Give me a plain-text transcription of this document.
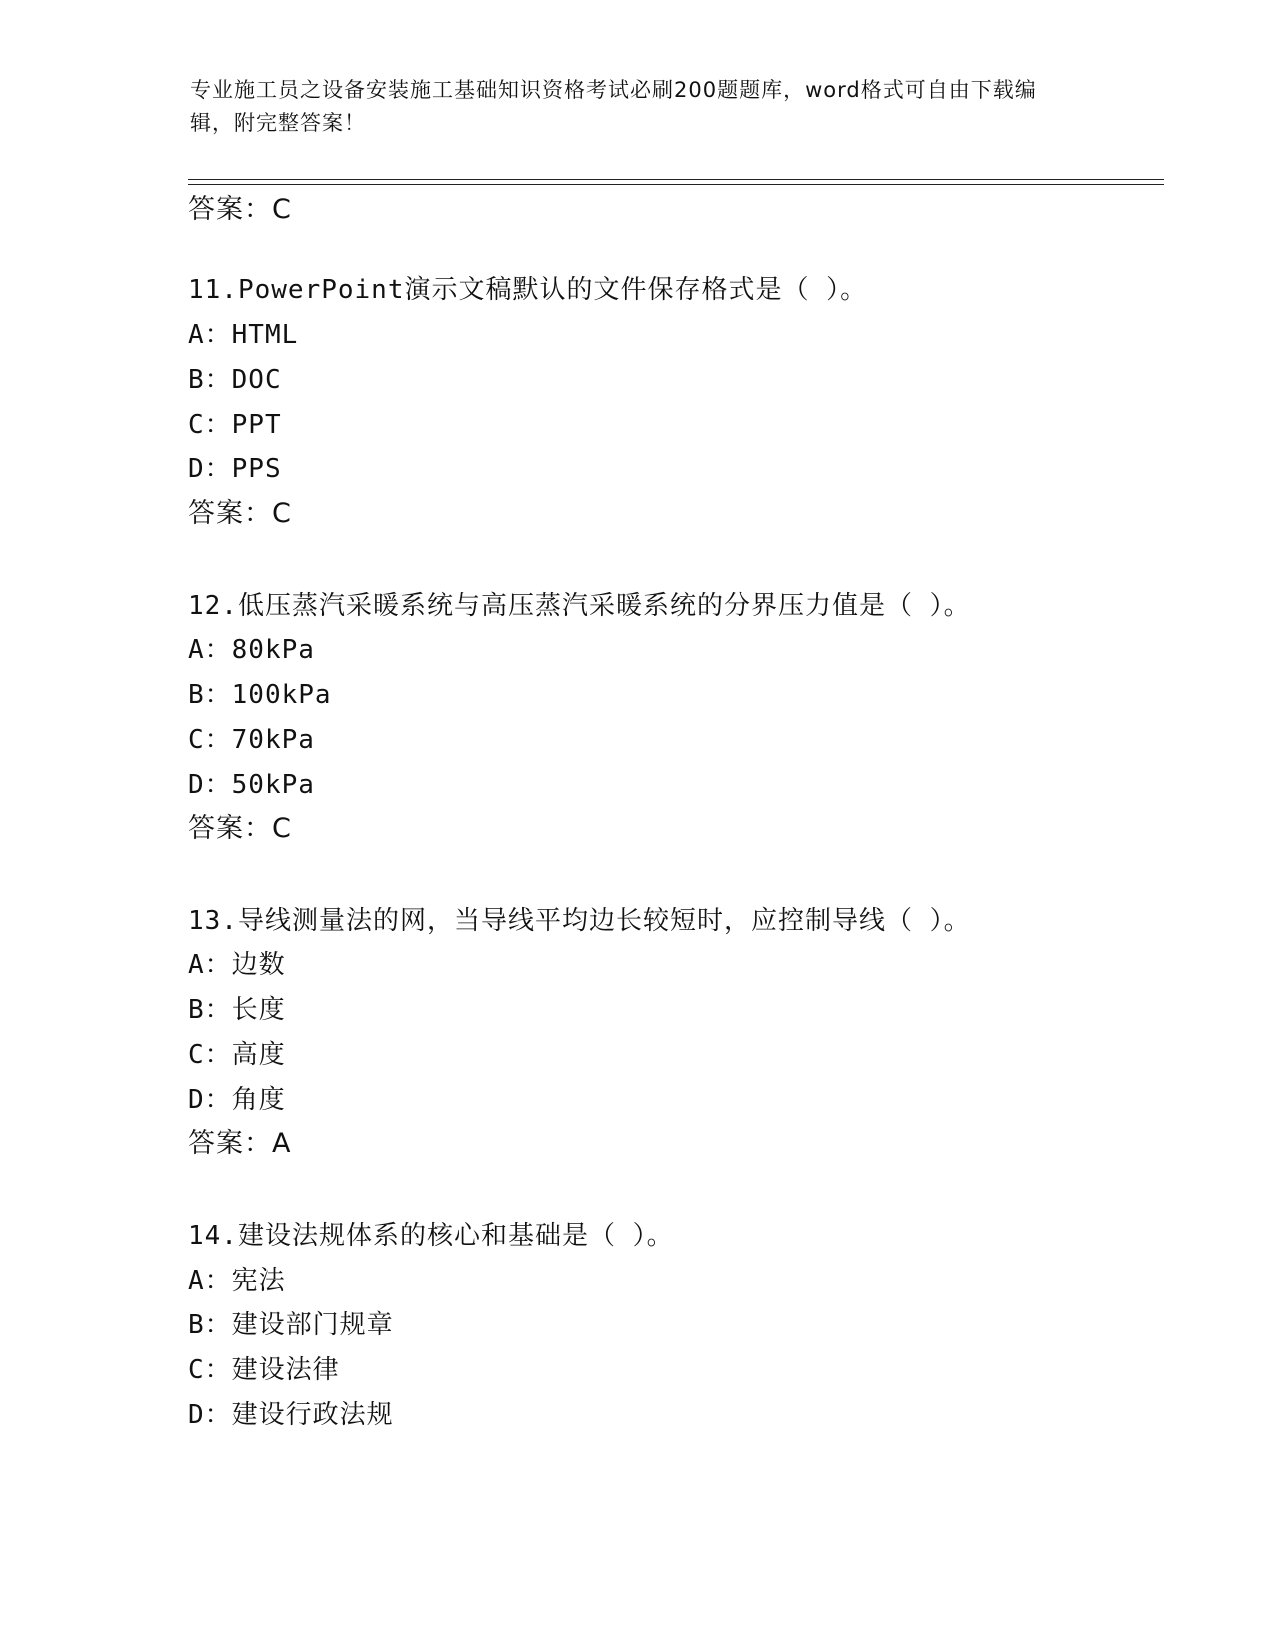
专业施工员之设备安装施工基础知识资格考试必刷200题题库，word格式可自由下载编辑，附完整答案！
答案：C
11.PowerPoint演示文稿默认的文件保存格式是（ ）。
A：HTML
B：DOC
C：PPT
D：PPS
答案：C
12.低压蒸汽采暖系统与高压蒸汽采暖系统的分界压力值是（ ）。
A：80kPa
B：100kPa
C：70kPa
D：50kPa
答案：C
13.导线测量法的网，当导线平均边长较短时，应控制导线（ ）。
A：边数
B：长度
C：高度
D：角度
答案：A
14.建设法规体系的核心和基础是（ ）。
A：宪法
B：建设部门规章
C：建设法律
D：建设行政法规
